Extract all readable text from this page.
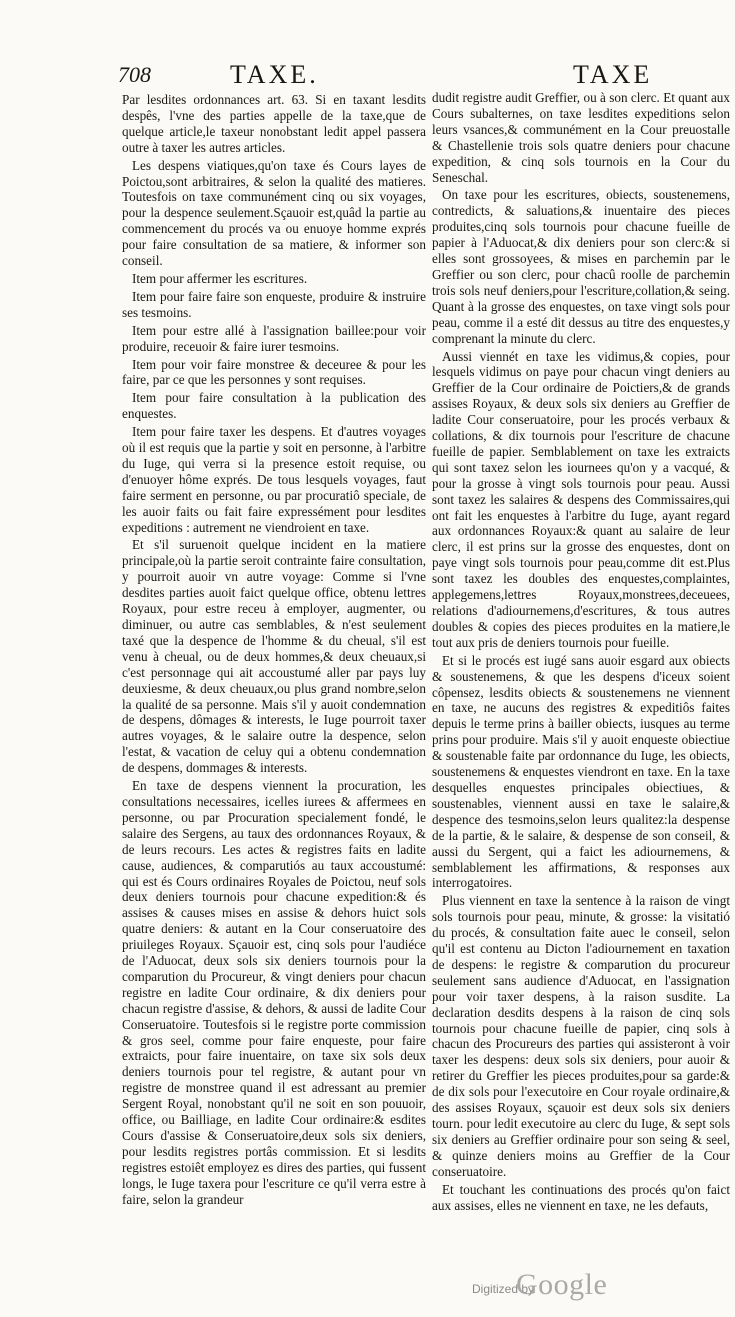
708	TAXE.	TAXE

Par lesdites ordonnances art. 63. Si en taxant lesdits despês, l'vne des parties appelle de la taxe,que de quelque article,le taxeur nonobstant ledit appel passera outre à taxer les autres articles.

Les despens viatiques,qu'on taxe és Cours layes de Poictou,sont arbitraires, & selon la qualité des matieres. Toutesfois on taxe communément cinq ou six voyages, pour la despence seulement.Sçauoir est,quâd la partie au commencement du procés va ou enuoye homme exprés pour faire consultation de sa matiere, & informer son conseil.

Item pour affermer les escritures.

Item pour faire faire son enqueste, produire & instruire ses tesmoins.

Item pour estre allé à l'assignation baillee:pour voir produire, receuoir & faire iurer tesmoins.

Item pour voir faire monstree & deceuree & pour les faire, par ce que les personnes y sont requises.

Item pour faire consultation à la publication des enquestes.

Item pour faire taxer les despens. Et d'autres voyages où il est requis que la partie y soit en personne, à l'arbitre du Iuge, qui verra si la presence estoit requise, ou d'enuoyer hôme exprés. De tous lesquels voyages, faut faire serment en personne, ou par procuratiô speciale, de les auoir faits ou fait faire expressément pour lesdites expeditions : autrement ne viendroient en taxe.

Et s'il suruenoit quelque incident en la matiere principale,où la partie seroit contrainte faire consultation, y pourroit auoir vn autre voyage: Comme si l'vne desdites parties auoit faict quelque office, obtenu lettres Royaux, pour estre receu à employer, augmenter, ou diminuer, ou autre cas semblables, & n'est seulement taxé que la despence de l'homme & du cheual, s'il est venu à cheual, ou de deux hommes,& deux cheuaux,si c'est personnage qui ait accoustumé aller par pays luy deuxiesme, & deux cheuaux,ou plus grand nombre,selon la qualité de sa personne. Mais s'il y auoit condemnation de despens, dômages & interests, le Iuge pourroit taxer autres voyages, & le salaire outre la despence, selon l'estat, & vacation de celuy qui a obtenu condemnation de despens, dommages & interests.

En taxe de despens viennent la procuration, les consultations necessaires, icelles iurees & affermees en personne, ou par Procuration specialement fondé, le salaire des Sergens, au taux des ordonnances Royaux, & de leurs recours. Les actes & registres faits en ladite cause, audiences, & comparutiós au taux accoustumé: qui est és Cours ordinaires Royales de Poictou, neuf sols deux deniers tournois pour chacune expedition:& és assises & causes mises en assise & dehors huict sols quatre deniers: & autant en la Cour conseruatoire des priuileges Royaux. Sçauoir est, cinq sols pour l'audiéce de l'Aduocat, deux sols six deniers tournois pour la comparution du Procureur, & vingt deniers pour chacun registre en ladite Cour ordinaire, & dix deniers pour chacun registre d'assise, & dehors, & aussi de ladite Cour Conseruatoire. Toutesfois si le registre porte commission & gros seel, comme pour faire enqueste, pour faire extraicts, pour faire inuentaire, on taxe six sols deux deniers tournois pour tel registre, & autant pour vn registre de monstree quand il est adressant au premier Sergent Royal, nonobstant qu'il ne soit en son pouuoir, office, ou Bailliage, en ladite Cour ordinaire:& esdites Cours d'assise & Conseruatoire,deux sols six deniers, pour lesdits registres portâs commission. Et si lesdits registres estoiêt employez es dires des parties, qui fussent longs, le Iuge taxera pour l'escriture ce qu'il verra estre à faire, selon la grandeur

dudit registre audit Greffier, ou à son clerc. Et quant aux Cours subalternes, on taxe lesdites expeditions selon leurs vsances,& communément en la Cour preuostalle & Chastellenie trois sols quatre deniers pour chacune expedition, & cinq sols tournois en la Cour du Seneschal.

On taxe pour les escritures, obiects, soustenemens, contredicts, & saluations,& inuentaire des pieces produites,cinq sols tournois pour chacune fueille de papier à l'Aduocat,& dix deniers pour son clerc:& si elles sont grossoyees, & mises en parchemin par le Greffier ou son clerc, pour chacû roolle de parchemin trois sols neuf deniers,pour l'escriture,collation,& seing. Quant à la grosse des enquestes, on taxe vingt sols pour peau, comme il a esté dit dessus au titre des enquestes,y comprenant la minute du clerc.

Aussi viennét en taxe les vidimus,& copies, pour lesquels vidimus on paye pour chacun vingt deniers au Greffier de la Cour ordinaire de Poictiers,& de grands assises Royaux, & deux sols six deniers au Greffier de ladite Cour conseruatoire, pour les procés verbaux & collations, & dix tournois pour l'escriture de chacune fueille de papier. Semblablement on taxe les extraicts qui sont taxez selon les iournees qu'on y a vacqué, & pour la grosse à vingt sols tournois pour peau. Aussi sont taxez les salaires & despens des Commissaires,qui ont fait les enquestes à l'arbitre du Iuge, ayant regard aux ordonnances Royaux:& quant au salaire de leur clerc, il est prins sur la grosse des enquestes, dont on paye vingt sols tournois pour peau,comme dit est.Plus sont taxez les doubles des enquestes,complaintes, applegemens,lettres Royaux,monstrees,deceuees, relations d'adiournemens,d'escritures, & tous autres doubles & copies des pieces produites en la matiere,le tout aux pris de deniers tournois pour fueille.

Et si le procés est iugé sans auoir esgard aux obiects & soustenemens, & que les despens d'iceux soient côpensez, lesdits obiects & soustenemens ne viennent en taxe, ne aucuns des registres & expeditiôs faites depuis le terme prins à bailler obiects, iusques au terme prins pour produire. Mais s'il y auoit enqueste obiectiue & soustenable faite par ordonnance du Iuge, les obiects, soustenemens & enquestes viendront en taxe. En la taxe desquelles enquestes principales obiectiues, & soustenables, viennent aussi en taxe le salaire,& despence des tesmoins,selon leurs qualitez:la despense de la partie, & le salaire, & despense de son conseil, & aussi du Sergent, qui a faict les adiournemens, & semblablement les affirmations, & responses aux interrogatoires.

Plus viennent en taxe la sentence à la raison de vingt sols tournois pour peau, minute, & grosse: la visitatió du procés, & consultation faite auec le conseil, selon qu'il est contenu au Dicton l'adiournement en taxation de despens: le registre & comparution du procureur seulement sans audience d'Aduocat, en l'assignation pour voir taxer despens, à la raison susdite. La declaration desdits despens à la raison de cinq sols tournois pour chacune fueille de papier, cinq sols à chacun des Procureurs des parties qui assisteront à voir taxer les despens: deux sols six deniers, pour auoir & retirer du Greffier les pieces produites,pour sa garde:& de dix sols pour l'executoire en Cour royale ordinaire,& des assises Royaux, sçauoir est deux sols six deniers tourn. pour ledit executoire au clerc du Iuge, & sept sols six deniers au Greffier ordinaire pour son seing & seel, & quinze deniers moins au Greffier de la Cour conseruatoire.

Et touchant les continuations des procés qu'on faict aux assises, elles ne viennent en taxe, ne les defauts,

Digitized by
Google
